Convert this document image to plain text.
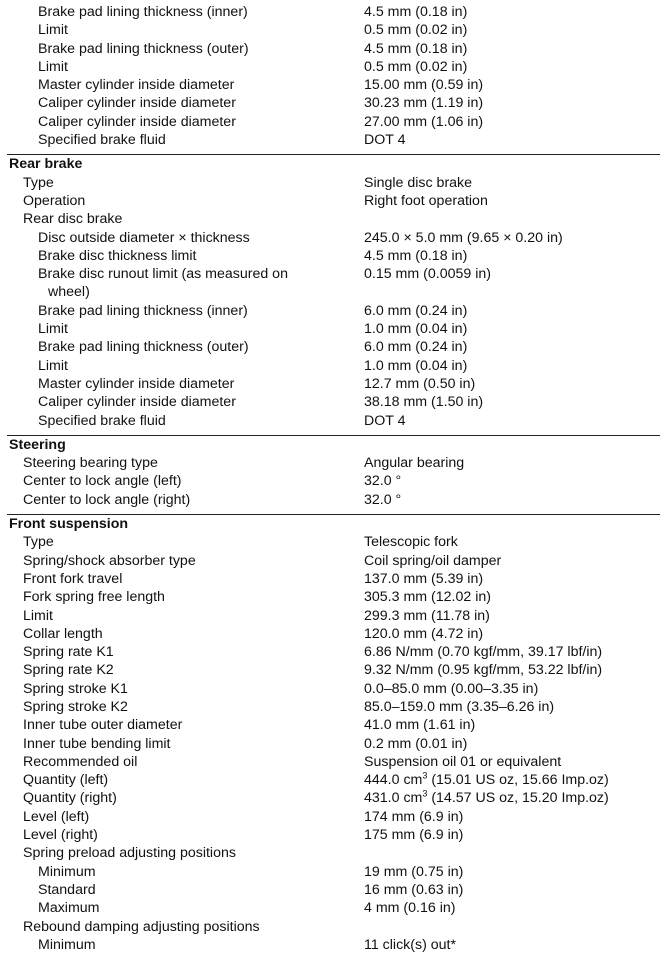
Brake pad lining thickness (inner)	4.5 mm (0.18 in)
Limit	0.5 mm (0.02 in)
Brake pad lining thickness (outer)	4.5 mm (0.18 in)
Limit	0.5 mm (0.02 in)
Master cylinder inside diameter	15.00 mm (0.59 in)
Caliper cylinder inside diameter	30.23 mm (1.19 in)
Caliper cylinder inside diameter	27.00 mm (1.06 in)
Specified brake fluid	DOT 4
Rear brake
Type	Single disc brake
Operation	Right foot operation
Rear disc brake
Disc outside diameter × thickness	245.0 × 5.0 mm (9.65 × 0.20 in)
Brake disc thickness limit	4.5 mm (0.18 in)
Brake disc runout limit (as measured on	0.15 mm (0.0059 in)
wheel)
Brake pad lining thickness (inner)	6.0 mm (0.24 in)
Limit	1.0 mm (0.04 in)
Brake pad lining thickness (outer)	6.0 mm (0.24 in)
Limit	1.0 mm (0.04 in)
Master cylinder inside diameter	12.7 mm (0.50 in)
Caliper cylinder inside diameter	38.18 mm (1.50 in)
Specified brake fluid	DOT 4
Steering
Steering bearing type	Angular bearing
Center to lock angle (left)	32.0 °
Center to lock angle (right)	32.0 °
Front suspension
Type	Telescopic fork
Spring/shock absorber type	Coil spring/oil damper
Front fork travel	137.0 mm (5.39 in)
Fork spring free length	305.3 mm (12.02 in)
Limit	299.3 mm (11.78 in)
Collar length	120.0 mm (4.72 in)
Spring rate K1	6.86 N/mm (0.70 kgf/mm, 39.17 lbf/in)
Spring rate K2	9.32 N/mm (0.95 kgf/mm, 53.22 lbf/in)
Spring stroke K1	0.0–85.0 mm (0.00–3.35 in)
Spring stroke K2	85.0–159.0 mm (3.35–6.26 in)
Inner tube outer diameter	41.0 mm (1.61 in)
Inner tube bending limit	0.2 mm (0.01 in)
Recommended oil	Suspension oil 01 or equivalent
Quantity (left)	444.0 $cm^3$ (15.01 US oz, 15.66 Imp.oz)
Quantity (right)	431.0 $cm^3$ (14.57 US oz, 15.20 Imp.oz)
Level (left)	174 mm (6.9 in)
Level (right)	175 mm (6.9 in)
Spring preload adjusting positions
Minimum	19 mm (0.75 in)
Standard	16 mm (0.63 in)
Maximum	4 mm (0.16 in)
Rebound damping adjusting positions
Minimum	11 click(s) out*
